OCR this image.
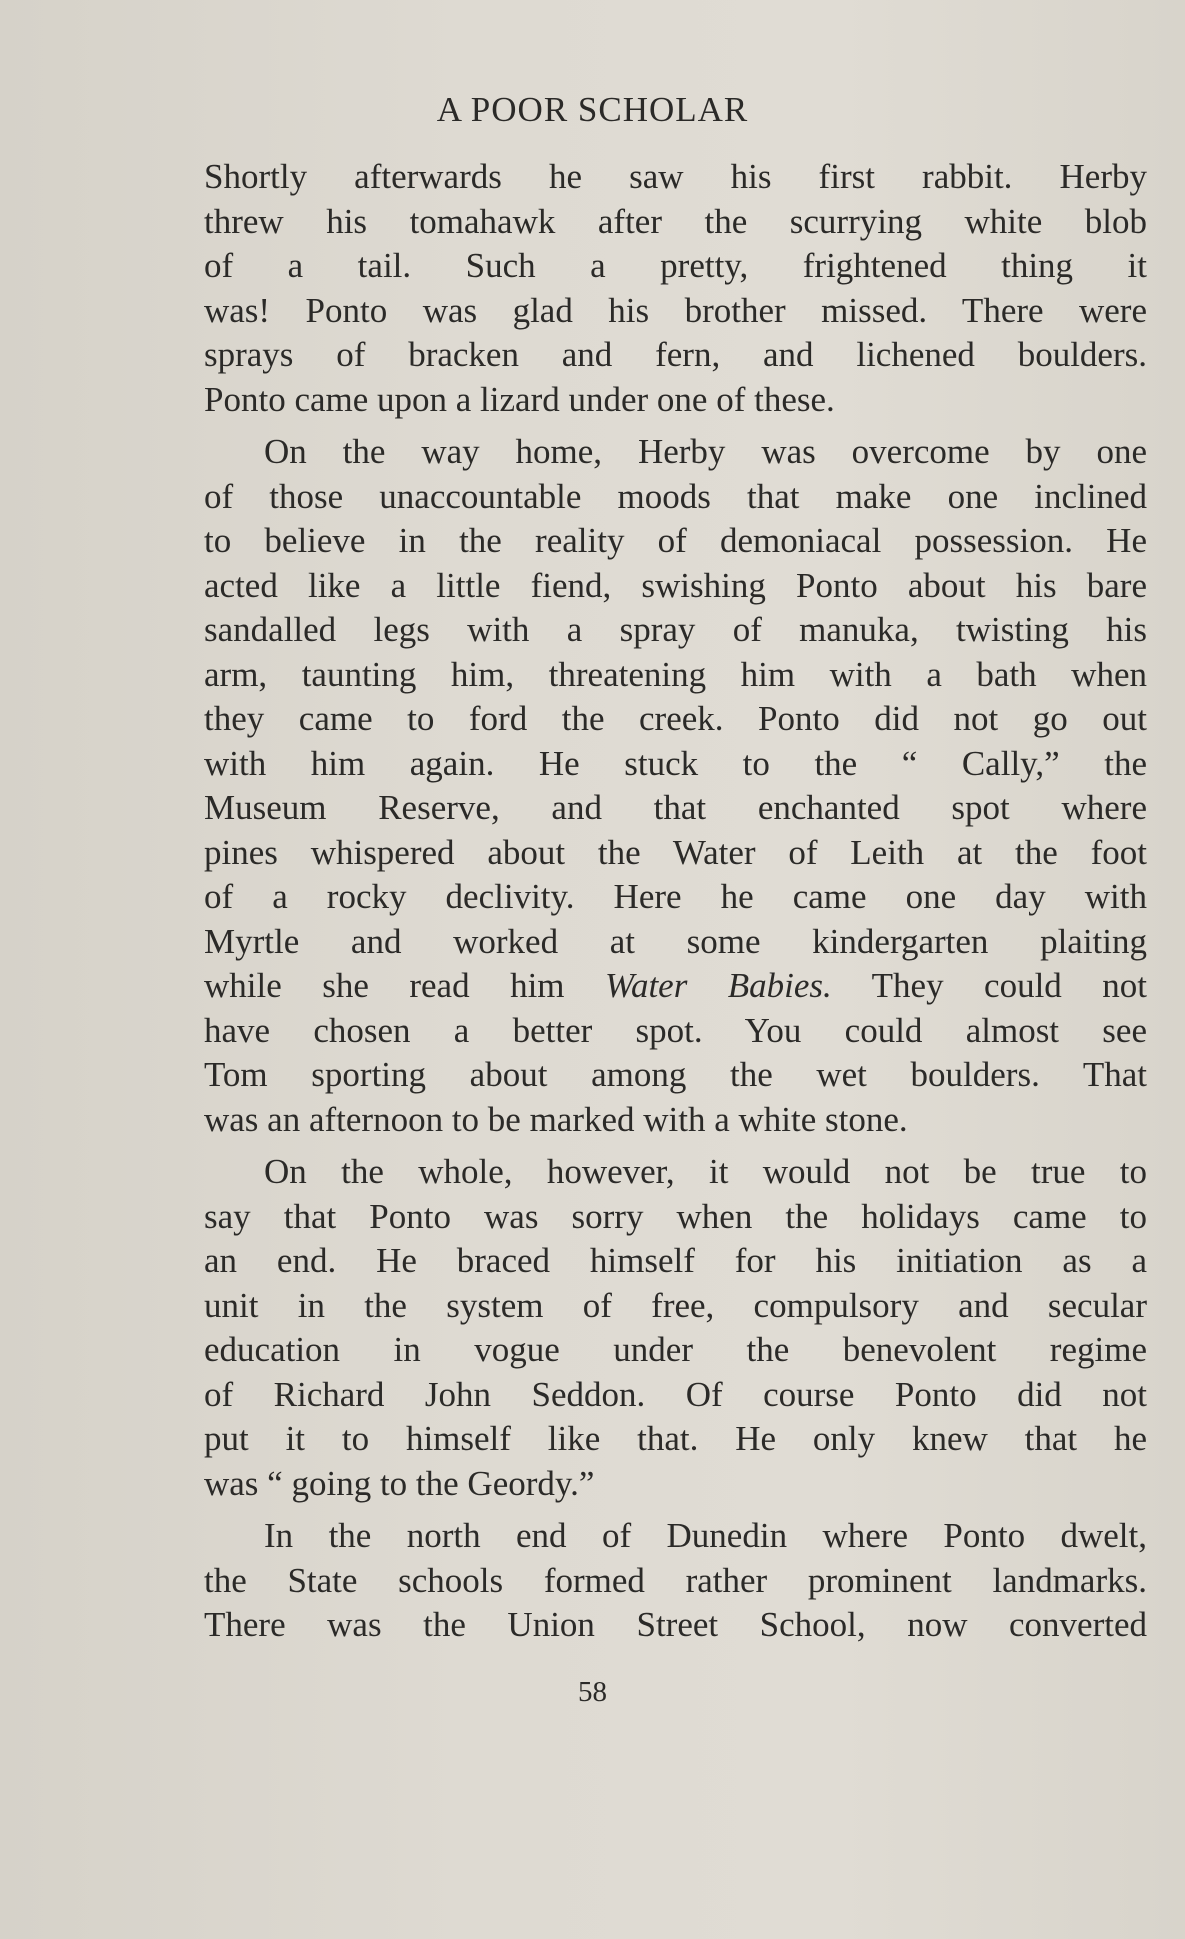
A POOR SCHOLAR
Shortly afterwards he saw his first rabbit. Herby
threw his tomahawk after the scurrying white blob
of a tail. Such a pretty, frightened thing it
was! Ponto was glad his brother missed. There were
sprays of bracken and fern, and lichened boulders.
Ponto came upon a lizard under one of these.
On the way home, Herby was overcome by one
of those unaccountable moods that make one inclined
to believe in the reality of demoniacal possession. He
acted like a little fiend, swishing Ponto about his bare
sandalled legs with a spray of manuka, twisting his
arm, taunting him, threatening him with a bath when
they came to ford the creek. Ponto did not go out
with him again. He stuck to the “ Cally,” the
Museum Reserve, and that enchanted spot where
pines whispered about the Water of Leith at the foot
of a rocky declivity. Here he came one day with
Myrtle and worked at some kindergarten plaiting
while she read him Water Babies. They could not
have chosen a better spot. You could almost see
Tom sporting about among the wet boulders. That
was an afternoon to be marked with a white stone.
On the whole, however, it would not be true to
say that Ponto was sorry when the holidays came to
an end. He braced himself for his initiation as a
unit in the system of free, compulsory and secular
education in vogue under the benevolent regime
of Richard John Seddon. Of course Ponto did not
put it to himself like that. He only knew that he
was “ going to the Geordy.”
In the north end of Dunedin where Ponto dwelt,
the State schools formed rather prominent landmarks.
There was the Union Street School, now converted
58
